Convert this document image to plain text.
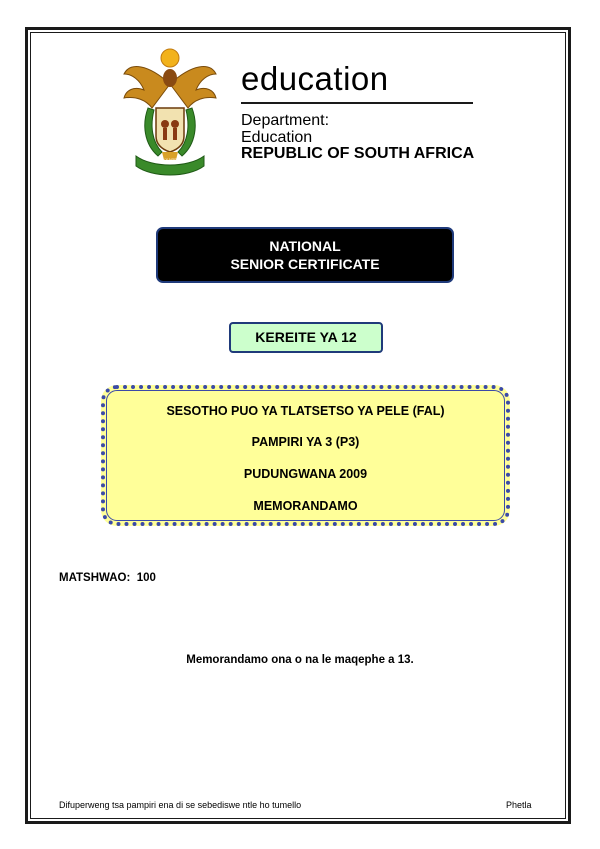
!KE E: /XARRA //KE
education
Department:
Education
REPUBLIC OF SOUTH AFRICA
NATIONAL
SENIOR CERTIFICATE
KEREITE YA 12
SESOTHO PUO YA TLATSETSO YA PELE (FAL)
PAMPIRI YA 3 (P3)
PUDUNGWANA 2009
MEMORANDAMO
MATSHWAO:  100
Memorandamo ona o na le maqephe a 13.
Difuperweng tsa pampiri ena di se sebediswe ntle ho tumello	Phetla
